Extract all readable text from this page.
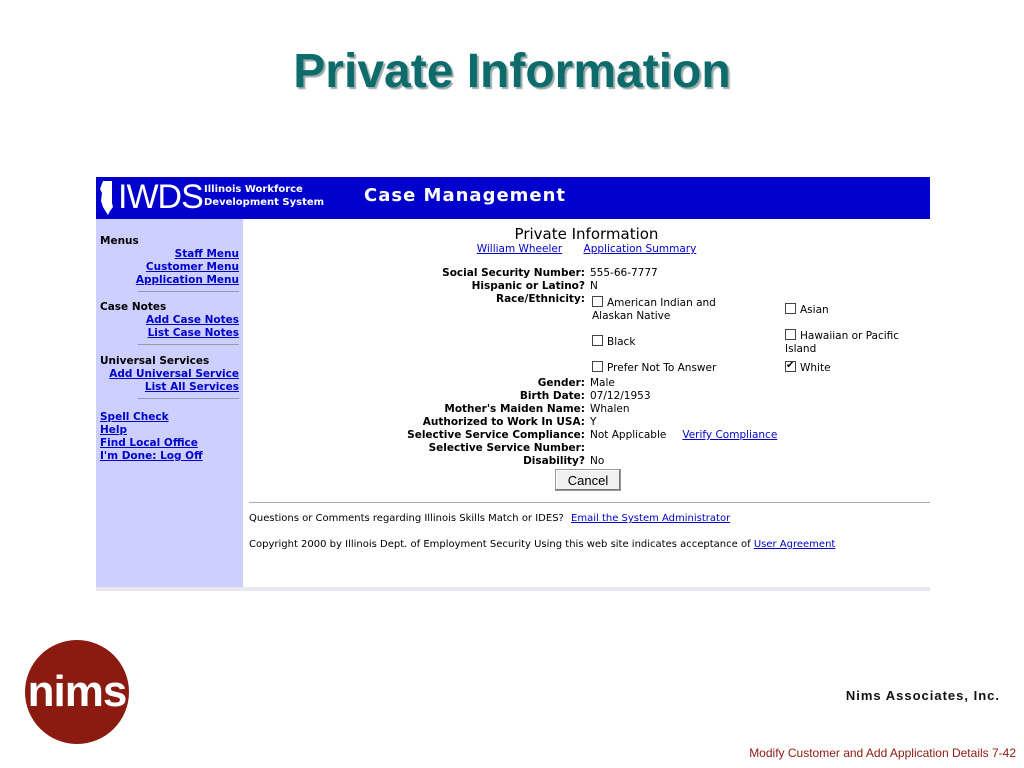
Private Information
IWDS Illinois Workforce
Development System Case Management
Menus
Staff Menu
Customer Menu
Application Menu
Case Notes
Add Case Notes
List Case Notes
Universal Services
Add Universal Service
List All Services
Spell Check
Help
Find Local Office
I'm Done: Log Off
Private Information
William Wheeler Application Summary
Social Security Number: 555-66-7777
Hispanic or Latino? N
Race/Ethnicity:	American Indian and
Alaskan Native	Asian
Hawaiian or Pacific
Island
Black
Prefer Not To Answer
✔	White
Gender: Male
Birth Date: 07/12/1953
Mother's Maiden Name: Whalen
Authorized to Work In USA: Y
Selective Service Compliance: Not Applicable Verify Compliance
Selective Service Number:
Disability? No
Cancel
Questions or Comments regarding Illinois Skills Match or IDES? Email the System Administrator
Copyright 2000 by Illinois Dept. of Employment Security Using this web site indicates acceptance of User Agreement
nims	Nims Associates, Inc.
Modify Customer and Add Application Details 7-42
